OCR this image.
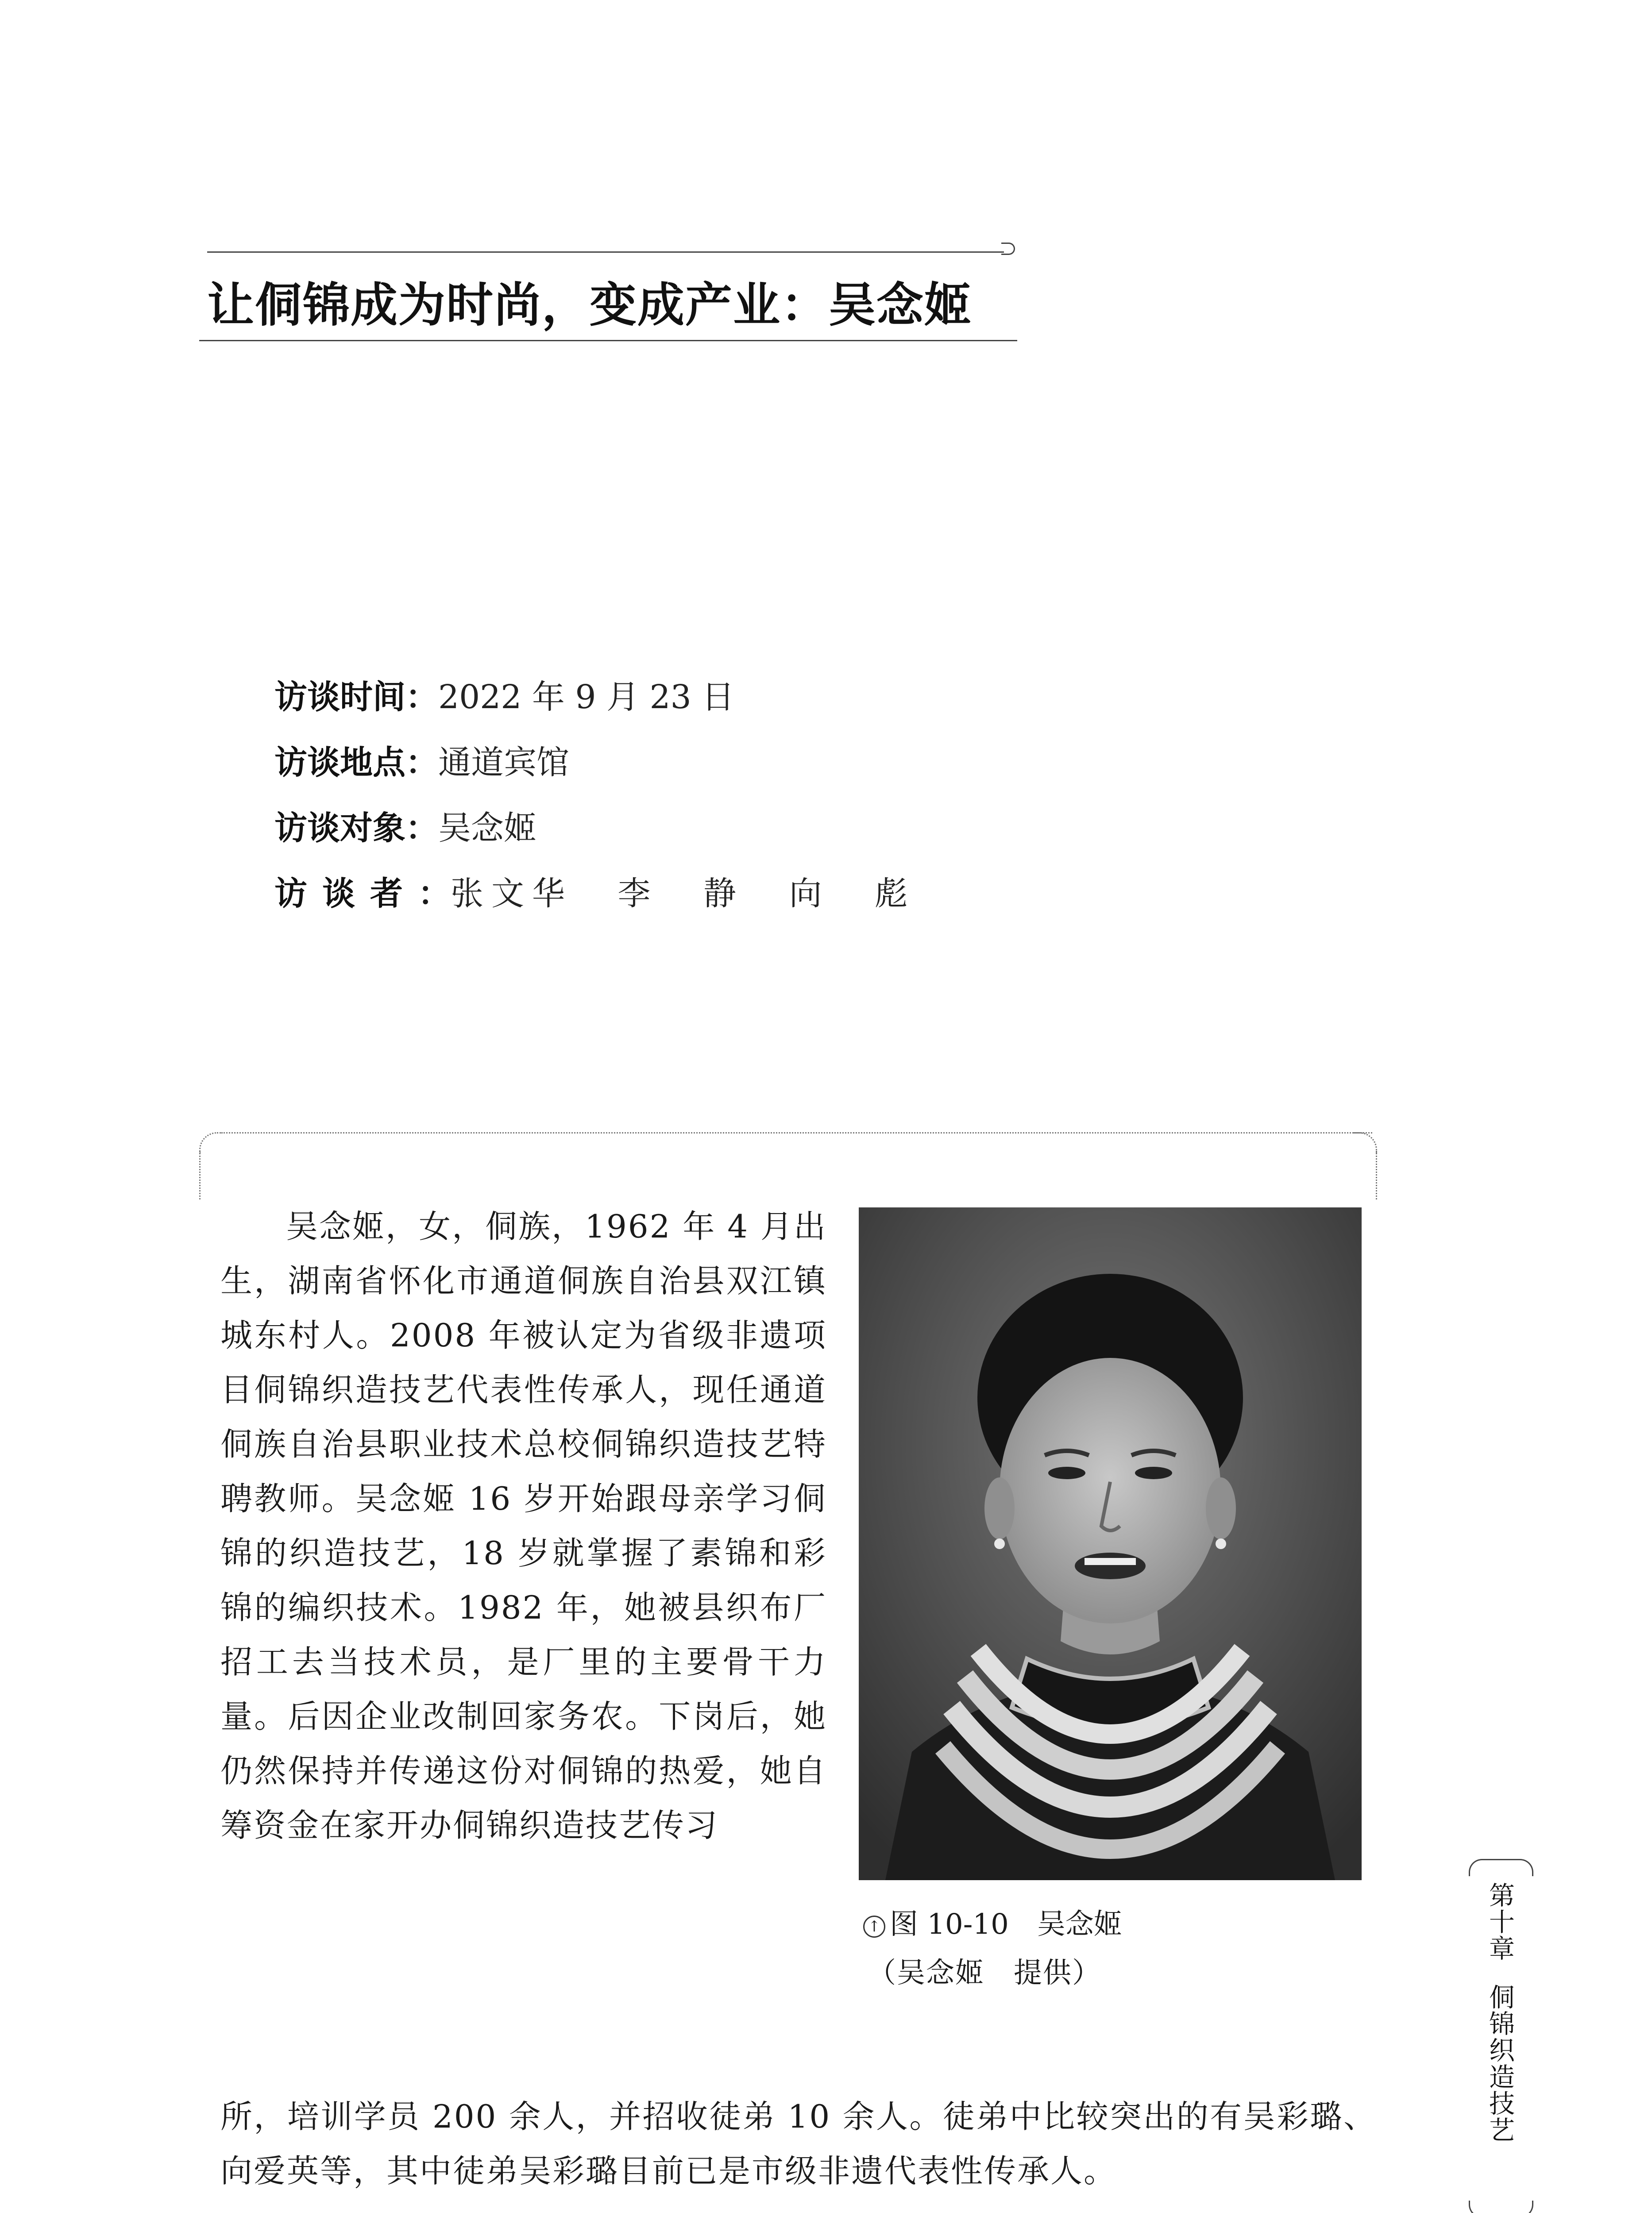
让侗锦成为时尚，变成产业：吴念姬
访谈时间：2022 年 9 月 23 日
访谈地点：通道宾馆
访谈对象：吴念姬
访谈者：张文华 李 静 向 彪

吴念姬，女，侗族，1962 年 4 月出生，湖南省怀化市通道侗族自治县双江镇城东村人。2008 年被认定为省级非遗项目侗锦织造技艺代表性传承人，现任通道侗族自治县职业技术总校侗锦织造技艺特聘教师。吴念姬 16 岁开始跟母亲学习侗锦的织造技艺，18 岁就掌握了素锦和彩锦的编织技术。1982 年，她被县织布厂招工去当技术员，是厂里的主要骨干力量。后因企业改制回家务农。下岗后，她仍然保持并传递这份对侗锦的热爱，她自筹资金在家开办侗锦织造技艺传习

↑ 图 10-10　吴念姬
（吴念姬　提供）

所，培训学员 200 余人，并招收徒弟 10 余人。徒弟中比较突出的有吴彩璐、向爱英等，其中徒弟吴彩璐目前已是市级非遗代表性传承人。

第十章侗锦织造技艺
